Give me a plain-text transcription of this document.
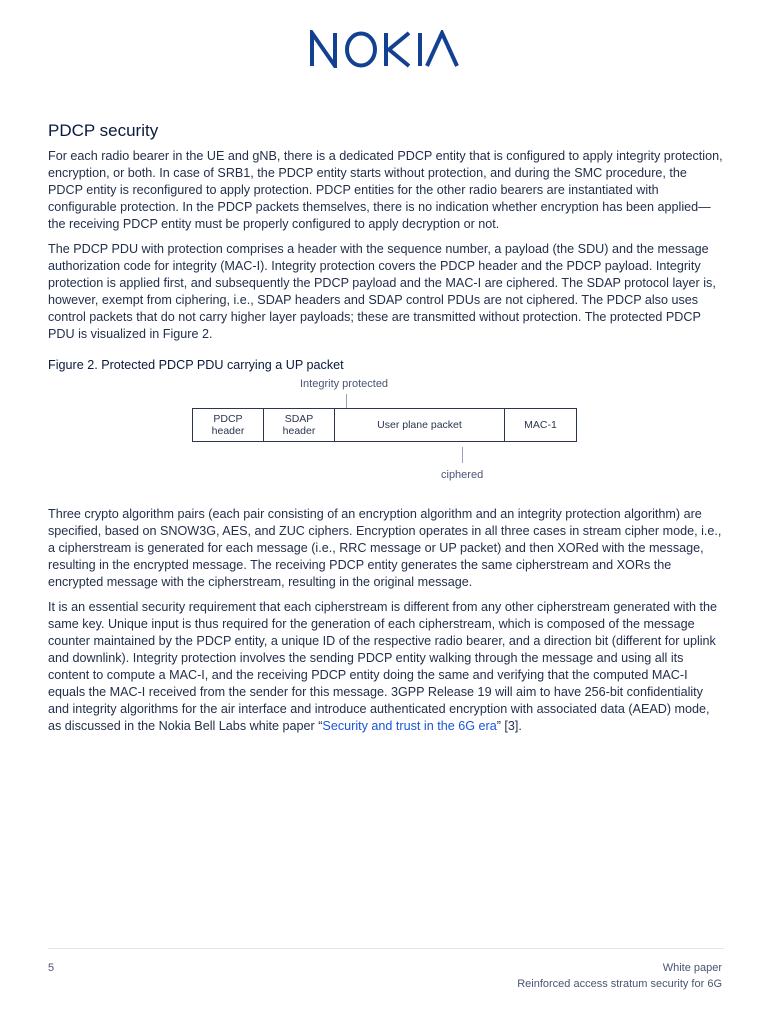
PDCP security

For each radio bearer in the UE and gNB, there is a dedicated PDCP entity that is configured to apply integrity protection, encryption, or both. In case of SRB1, the PDCP entity starts without protection, and during the SMC procedure, the PDCP entity is reconfigured to apply protection. PDCP entities for the other radio bearers are instantiated with configurable protection. In the PDCP packets themselves, there is no indication whether encryption has been applied—the receiving PDCP entity must be properly configured to apply decryption or not.

The PDCP PDU with protection comprises a header with the sequence number, a payload (the SDU) and the message authorization code for integrity (MAC-I). Integrity protection covers the PDCP header and the PDCP payload. Integrity protection is applied first, and subsequently the PDCP payload and the MAC-I are ciphered. The SDAP protocol layer is, however, exempt from ciphering, i.e., SDAP headers and SDAP control PDUs are not ciphered. The PDCP also uses control packets that do not carry higher layer payloads; these are transmitted without protection. The protected PDCP PDU is visualized in Figure 2.

Figure 2. Protected PDCP PDU carrying a UP packet
Integrity protected
PDCP
header
SDAP
header	User plane packet	MAC-1
ciphered

Three crypto algorithm pairs (each pair consisting of an encryption algorithm and an integrity protection algorithm) are specified, based on SNOW3G, AES, and ZUC ciphers. Encryption operates in all three cases in stream cipher mode, i.e., a cipherstream is generated for each message (i.e., RRC message or UP packet) and then XORed with the message, resulting in the encrypted message. The receiving PDCP entity generates the same cipherstream and XORs the encrypted message with the cipherstream, resulting in the original message.

It is an essential security requirement that each cipherstream is different from any other cipherstream generated with the same key. Unique input is thus required for the generation of each cipherstream, which is composed of the message counter maintained by the PDCP entity, a unique ID of the respective radio bearer, and a direction bit (different for uplink and downlink). Integrity protection involves the sending PDCP entity walking through the message and using all its content to compute a MAC-I, and the receiving PDCP entity doing the same and verifying that the computed MAC-I equals the MAC-I received from the sender for this message. 3GPP Release 19 will aim to have 256-bit confidentiality and integrity algorithms for the air interface and introduce authenticated encryption with associated data (AEAD) mode, as discussed in the Nokia Bell Labs white paper “Security and trust in the 6G era” [3].

5	White paper
Reinforced access stratum security for 6G
